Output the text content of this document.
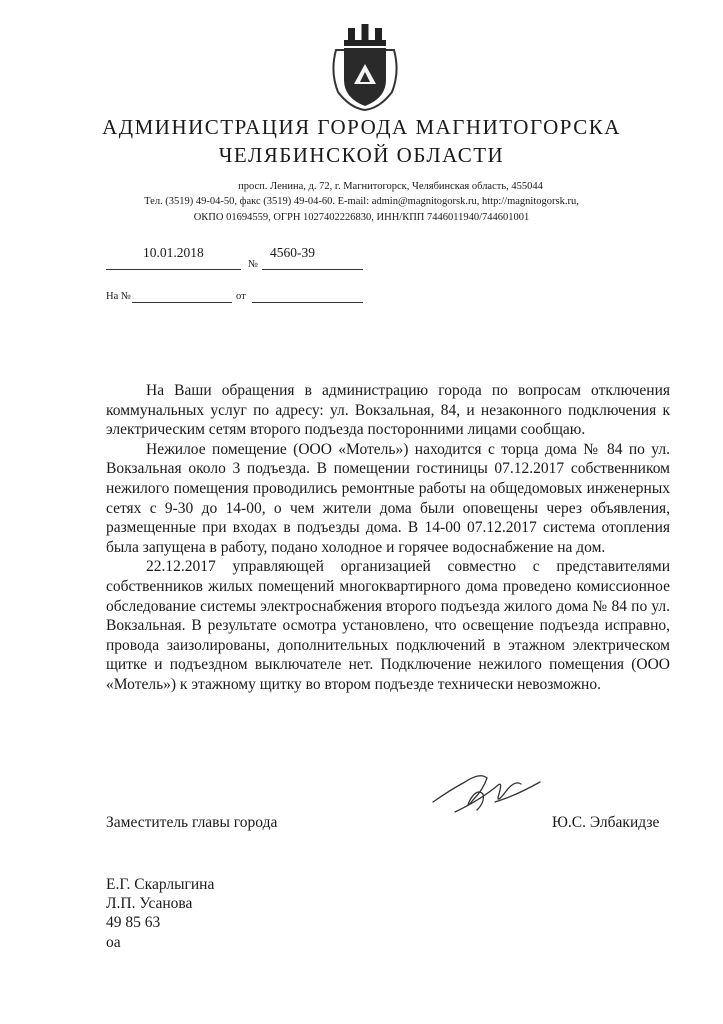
АДМИНИСТРАЦИЯ ГОРОДА МАГНИТОГОРСКА
ЧЕЛЯБИНСКОЙ ОБЛАСТИ
просп. Ленина, д. 72, г. Магнитогорск, Челябинская область, 455044
Тел. (3519) 49-04-50, факс (3519) 49-04-60. E-mail: admin@magnitogorsk.ru, http://magnitogorsk.ru,
ОКПО 01694559, ОГРН 1027402226830, ИНН/КПП 7446011940/744601001
10.01.2018
№
4560-39
На №	от

На Ваши обращения в администрацию города по вопросам отключения коммунальных услуг по адресу: ул. Вокзальная, 84, и незаконного подключения к электрическим сетям второго подъезда посторонними лицами сообщаю.

Нежилое помещение (ООО «Мотель») находится с торца дома № 84 по ул. Вокзальная около 3 подъезда. В помещении гостиницы 07.12.2017 собственником нежилого помещения проводились ремонтные работы на общедомовых инженерных сетях с 9-30 до 14-00, о чем жители дома были оповещены через объявления, размещенные при входах в подъезды дома. В 14-00 07.12.2017 система отопления была запущена в работу, подано холодное и горячее водоснабжение на дом.

22.12.2017 управляющей организацией совместно с представителями собственников жилых помещений многоквартирного дома проведено комиссионное обследование системы электроснабжения второго подъезда жилого дома № 84 по ул. Вокзальная. В результате осмотра установлено, что освещение подъезда исправно, провода заизолированы, дополнительных подключений в этажном электрическом щитке и подъездном выключателе нет. Подключение нежилого помещения (ООО «Мотель») к этажному щитку во втором подъезде технически невозможно.

Заместитель главы города	Ю.С. Элбакидзе
Е.Г. Скарлыгина
Л.П. Усанова
49 85 63
оа
